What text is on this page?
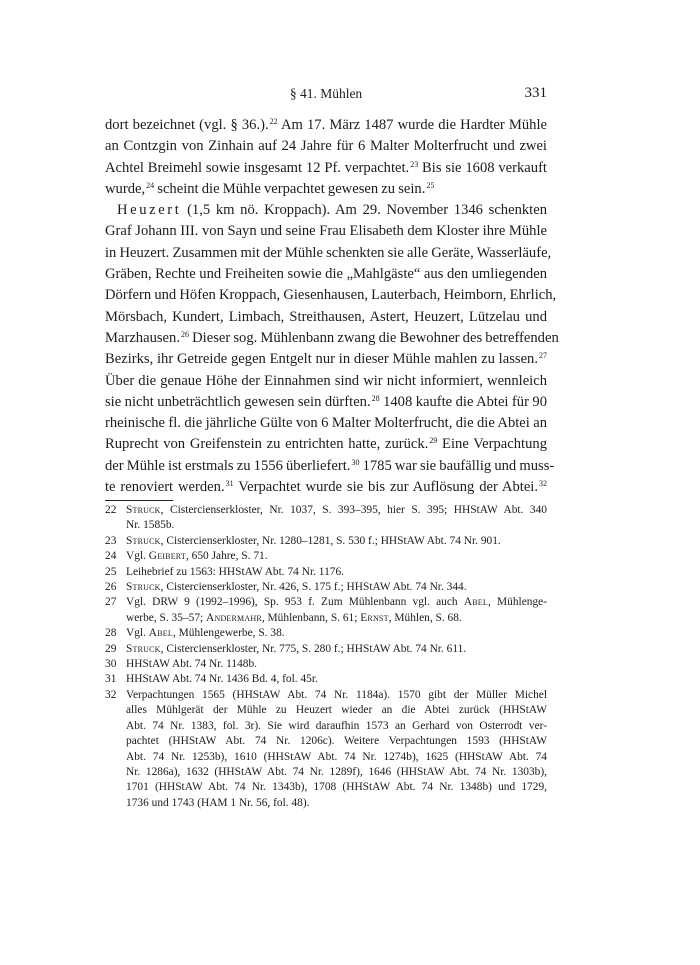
§ 41. Mühlen	331
dort bezeichnet (vgl. § 36.).$^{22}$ Am 17. März 1487 wurde die Hardter Mühle
an Contzgin von Zinhain auf 24 Jahre für 6 Malter Molterfrucht und zwei
Achtel Breimehl sowie insgesamt 12 Pf. verpachtet.$^{23}$ Bis sie 1608 verkauft
wurde,$^{24}$ scheint die Mühle verpachtet gewesen zu sein.$^{25}$
Heuzert (1,5 km nö. Kroppach). Am 29. November 1346 schenkten
Graf Johann III. von Sayn und seine Frau Elisabeth dem Kloster ihre Mühle
in Heuzert. Zusammen mit der Mühle schenkten sie alle Geräte, Wasserläufe,
Gräben, Rechte und Freiheiten sowie die „Mahlgäste“ aus den umliegenden
Dörfern und Höfen Kroppach, Giesenhausen, Lauterbach, Heimborn, Ehrlich,
Mörsbach, Kundert, Limbach, Streithausen, Astert, Heuzert, Lützelau und
Marzhausen.$^{26}$ Dieser sog. Mühlenbann zwang die Bewohner des betreffenden
Bezirks, ihr Getreide gegen Entgelt nur in dieser Mühle mahlen zu lassen.$^{27}$
Über die genaue Höhe der Einnahmen sind wir nicht informiert, wennleich
sie nicht unbeträchtlich gewesen sein dürften.$^{28}$ 1408 kaufte die Abtei für 90
rheinische fl. die jährliche Gülte von 6 Malter Molterfrucht, die die Abtei an
Ruprecht von Greifenstein zu entrichten hatte, zurück.$^{29}$ Eine Verpachtung
der Mühle ist erstmals zu 1556 überliefert.$^{30}$ 1785 war sie baufällig und muss-
te renoviert werden.$^{31}$ Verpachtet wurde sie bis zur Auflösung der Abtei.$^{32}$
22 Struck, Cistercienserkloster, Nr. 1037, S. 393–395, hier S. 395; HHStAW Abt. 340
Nr. 1585b.
23 Struck, Cistercienserkloster, Nr. 1280–1281, S. 530 f.; HHStAW Abt. 74 Nr. 901.
24 Vgl. Geibert, 650 Jahre, S. 71.
25 Leihebrief zu 1563: HHStAW Abt. 74 Nr. 1176.
26 Struck, Cistercienserkloster, Nr. 426, S. 175 f.; HHStAW Abt. 74 Nr. 344.
27 Vgl. DRW 9 (1992–1996), Sp. 953 f. Zum Mühlenbann vgl. auch Abel, Mühlenge-
werbe, S. 35–57; Andermahr, Mühlenbann, S. 61; Ernst, Mühlen, S. 68.
28 Vgl. Abel, Mühlengewerbe, S. 38.
29 Struck, Cistercienserkloster, Nr. 775, S. 280 f.; HHStAW Abt. 74 Nr. 611.
30 HHStAW Abt. 74 Nr. 1148b.
31 HHStAW Abt. 74 Nr. 1436 Bd. 4, fol. 45r.
32 Verpachtungen 1565 (HHStAW Abt. 74 Nr. 1184a). 1570 gibt der Müller Michel
alles Mühlgerät der Mühle zu Heuzert wieder an die Abtei zurück (HHStAW
Abt. 74 Nr. 1383, fol. 3r). Sie wird daraufhin 1573 an Gerhard von Osterrodt ver-
pachtet (HHStAW Abt. 74 Nr. 1206c). Weitere Verpachtungen 1593 (HHStAW
Abt. 74 Nr. 1253b), 1610 (HHStAW Abt. 74 Nr. 1274b), 1625 (HHStAW Abt. 74
Nr. 1286a), 1632 (HHStAW Abt. 74 Nr. 1289f), 1646 (HHStAW Abt. 74 Nr. 1303b),
1701 (HHStAW Abt. 74 Nr. 1343b), 1708 (HHStAW Abt. 74 Nr. 1348b) und 1729,
1736 und 1743 (HAM 1 Nr. 56, fol. 48).
